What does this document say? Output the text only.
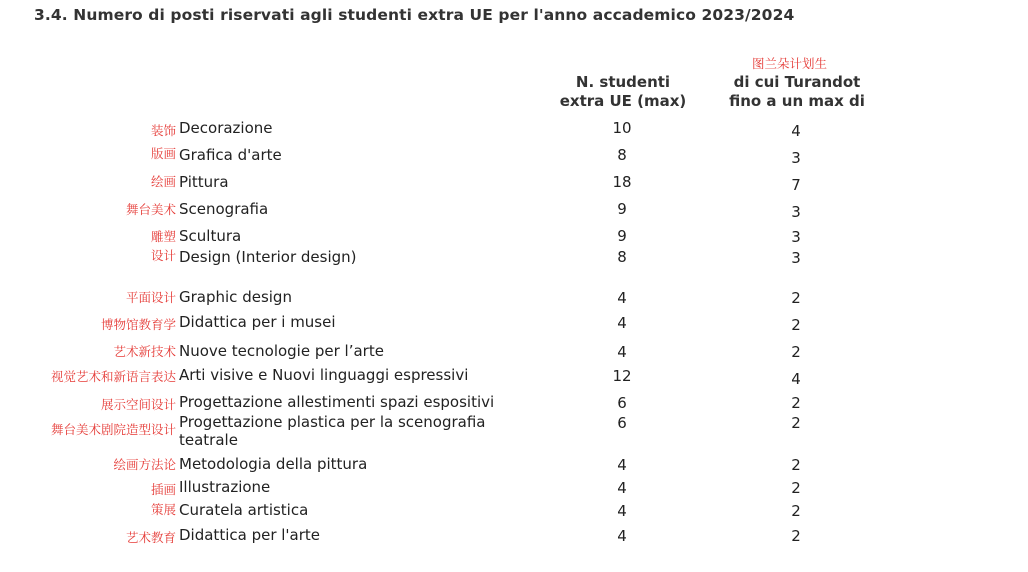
3.4. Numero di posti riservati agli studenti extra UE per l'anno accademico 2023/2024
图兰朵计划生
N. studenti
extra UE (max)
di cui Turandot
fino a un max di
装饰 Decorazione	10	4
版画 Grafica d'arte	8	3
绘画 Pittura	18	7
舞台美术 Scenografia	9	3
雕塑 Scultura	9	3
设计 Design (Interior design)	8	3
平面设计 Graphic design	4	2
博物馆教育学 Didattica per i musei	4	2
艺术新技术 Nuove tecnologie per l’arte	4	2
视觉艺术和新语言表达 Arti visive e Nuovi linguaggi espressivi	12	4
展示空间设计 Progettazione allestimenti spazi espositivi	6	2
舞台美术剧院造型设计 Progettazione plastica per la scenografia
teatrale
6	2
绘画方法论 Metodologia della pittura	4	2
插画 Illustrazione	4	2
策展 Curatela artistica	4	2
艺术教育 Didattica per l'arte	4	2
